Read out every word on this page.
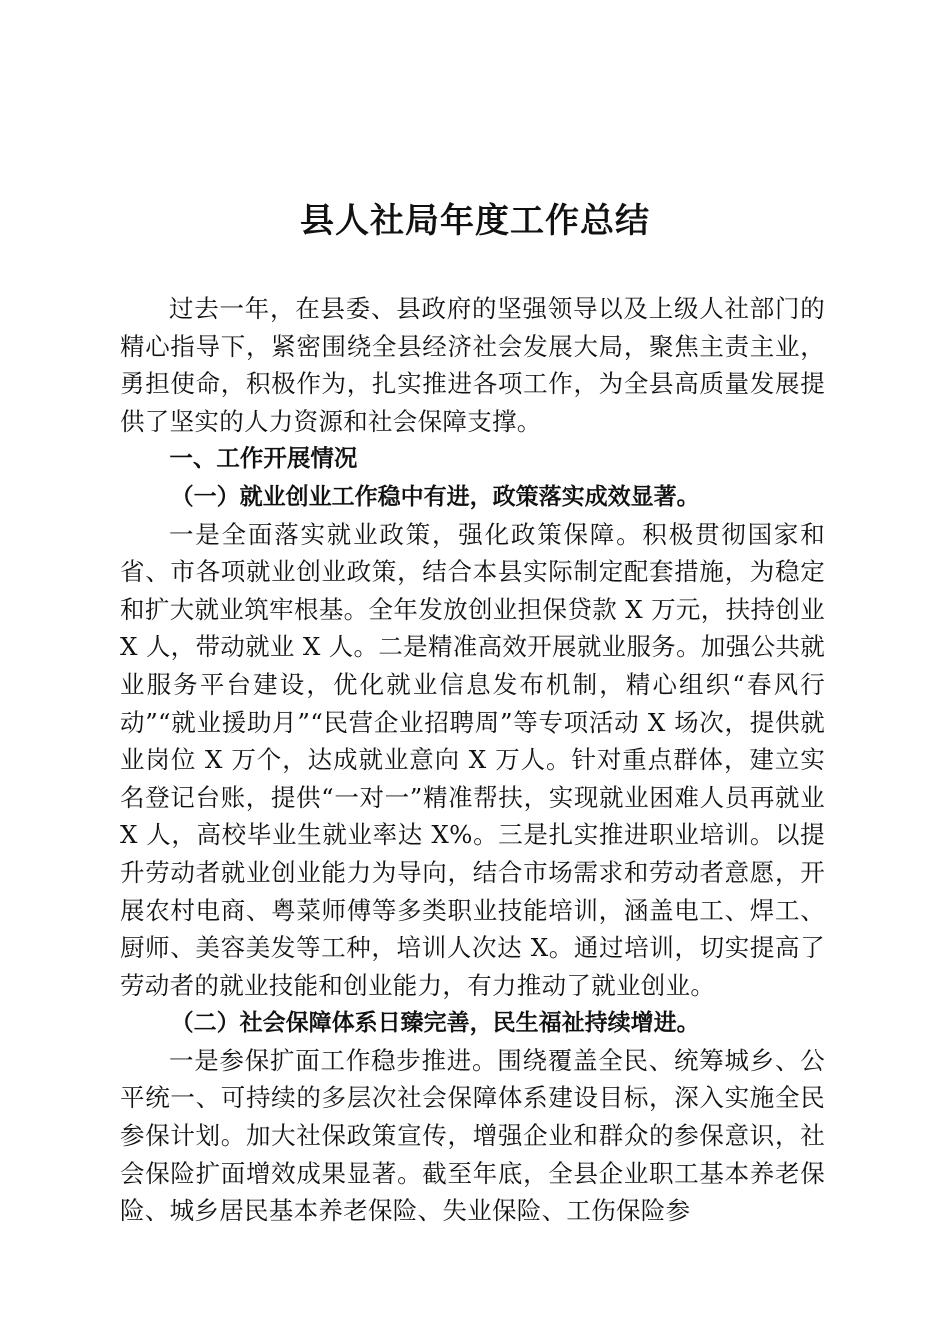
县人社局年度工作总结

过去一年，在县委、县政府的坚强领导以及上级人社部门的精心指导下，紧密围绕全县经济社会发展大局，聚焦主责主业，勇担使命，积极作为，扎实推进各项工作，为全县高质量发展提供了坚实的人力资源和社会保障支撑。

一、工作开展情况

（一）就业创业工作稳中有进，政策落实成效显著。

一是全面落实就业政策，强化政策保障。积极贯彻国家和省、市各项就业创业政策，结合本县实际制定配套措施，为稳定和扩大就业筑牢根基。全年发放创业担保贷款 X 万元，扶持创业 X 人，带动就业 X 人。二是精准高效开展就业服务。加强公共就业服务平台建设，优化就业信息发布机制，精心组织“春风行动”“就业援助月”“民营企业招聘周”等专项活动 X 场次，提供就业岗位 X 万个，达成就业意向 X 万人。针对重点群体，建立实名登记台账，提供“一对一”精准帮扶，实现就业困难人员再就业 X 人，高校毕业生就业率达 X%。三是扎实推进职业培训。以提升劳动者就业创业能力为导向，结合市场需求和劳动者意愿，开展农村电商、粤菜师傅等多类职业技能培训，涵盖电工、焊工、厨师、美容美发等工种，培训人次达 X。通过培训，切实提高了劳动者的就业技能和创业能力，有力推动了就业创业。

（二）社会保障体系日臻完善，民生福祉持续增进。

一是参保扩面工作稳步推进。围绕覆盖全民、统筹城乡、公平统一、可持续的多层次社会保障体系建设目标，深入实施全民参保计划。加大社保政策宣传，增强企业和群众的参保意识，社会保险扩面增效成果显著。截至年底，全县企业职工基本养老保险、城乡居民基本养老保险、失业保险、工伤保险参
